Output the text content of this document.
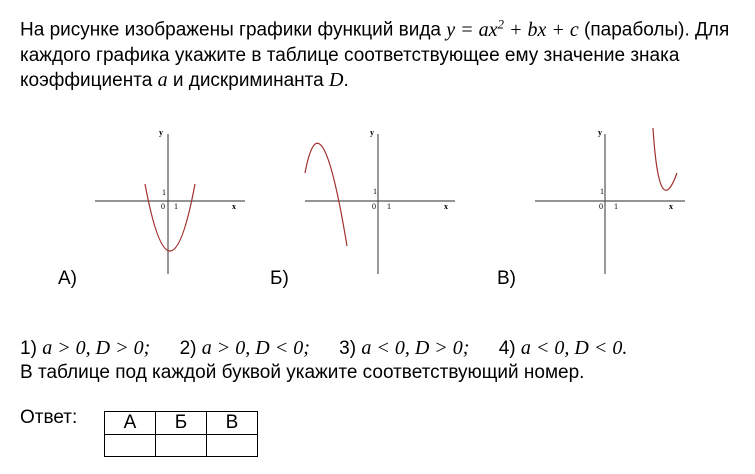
На рисунке изображены графики функций вида $y = ax^2$ + bx + c (параболы). Для каждого графика укажите в таблице соответствующее ему значение знака коэффициента a и дискриминанта D.
y
x
0 1
1
А)
y
x
0 1
1
Б)
y
x
0 1
1
В)
1) a > 0, D > 0; 2) a > 0, D < 0; 3) a < 0, D > 0; 4) a < 0, D < 0.
В таблице под каждой буквой укажите соответствующий номер.
Ответ: А	Б	В
